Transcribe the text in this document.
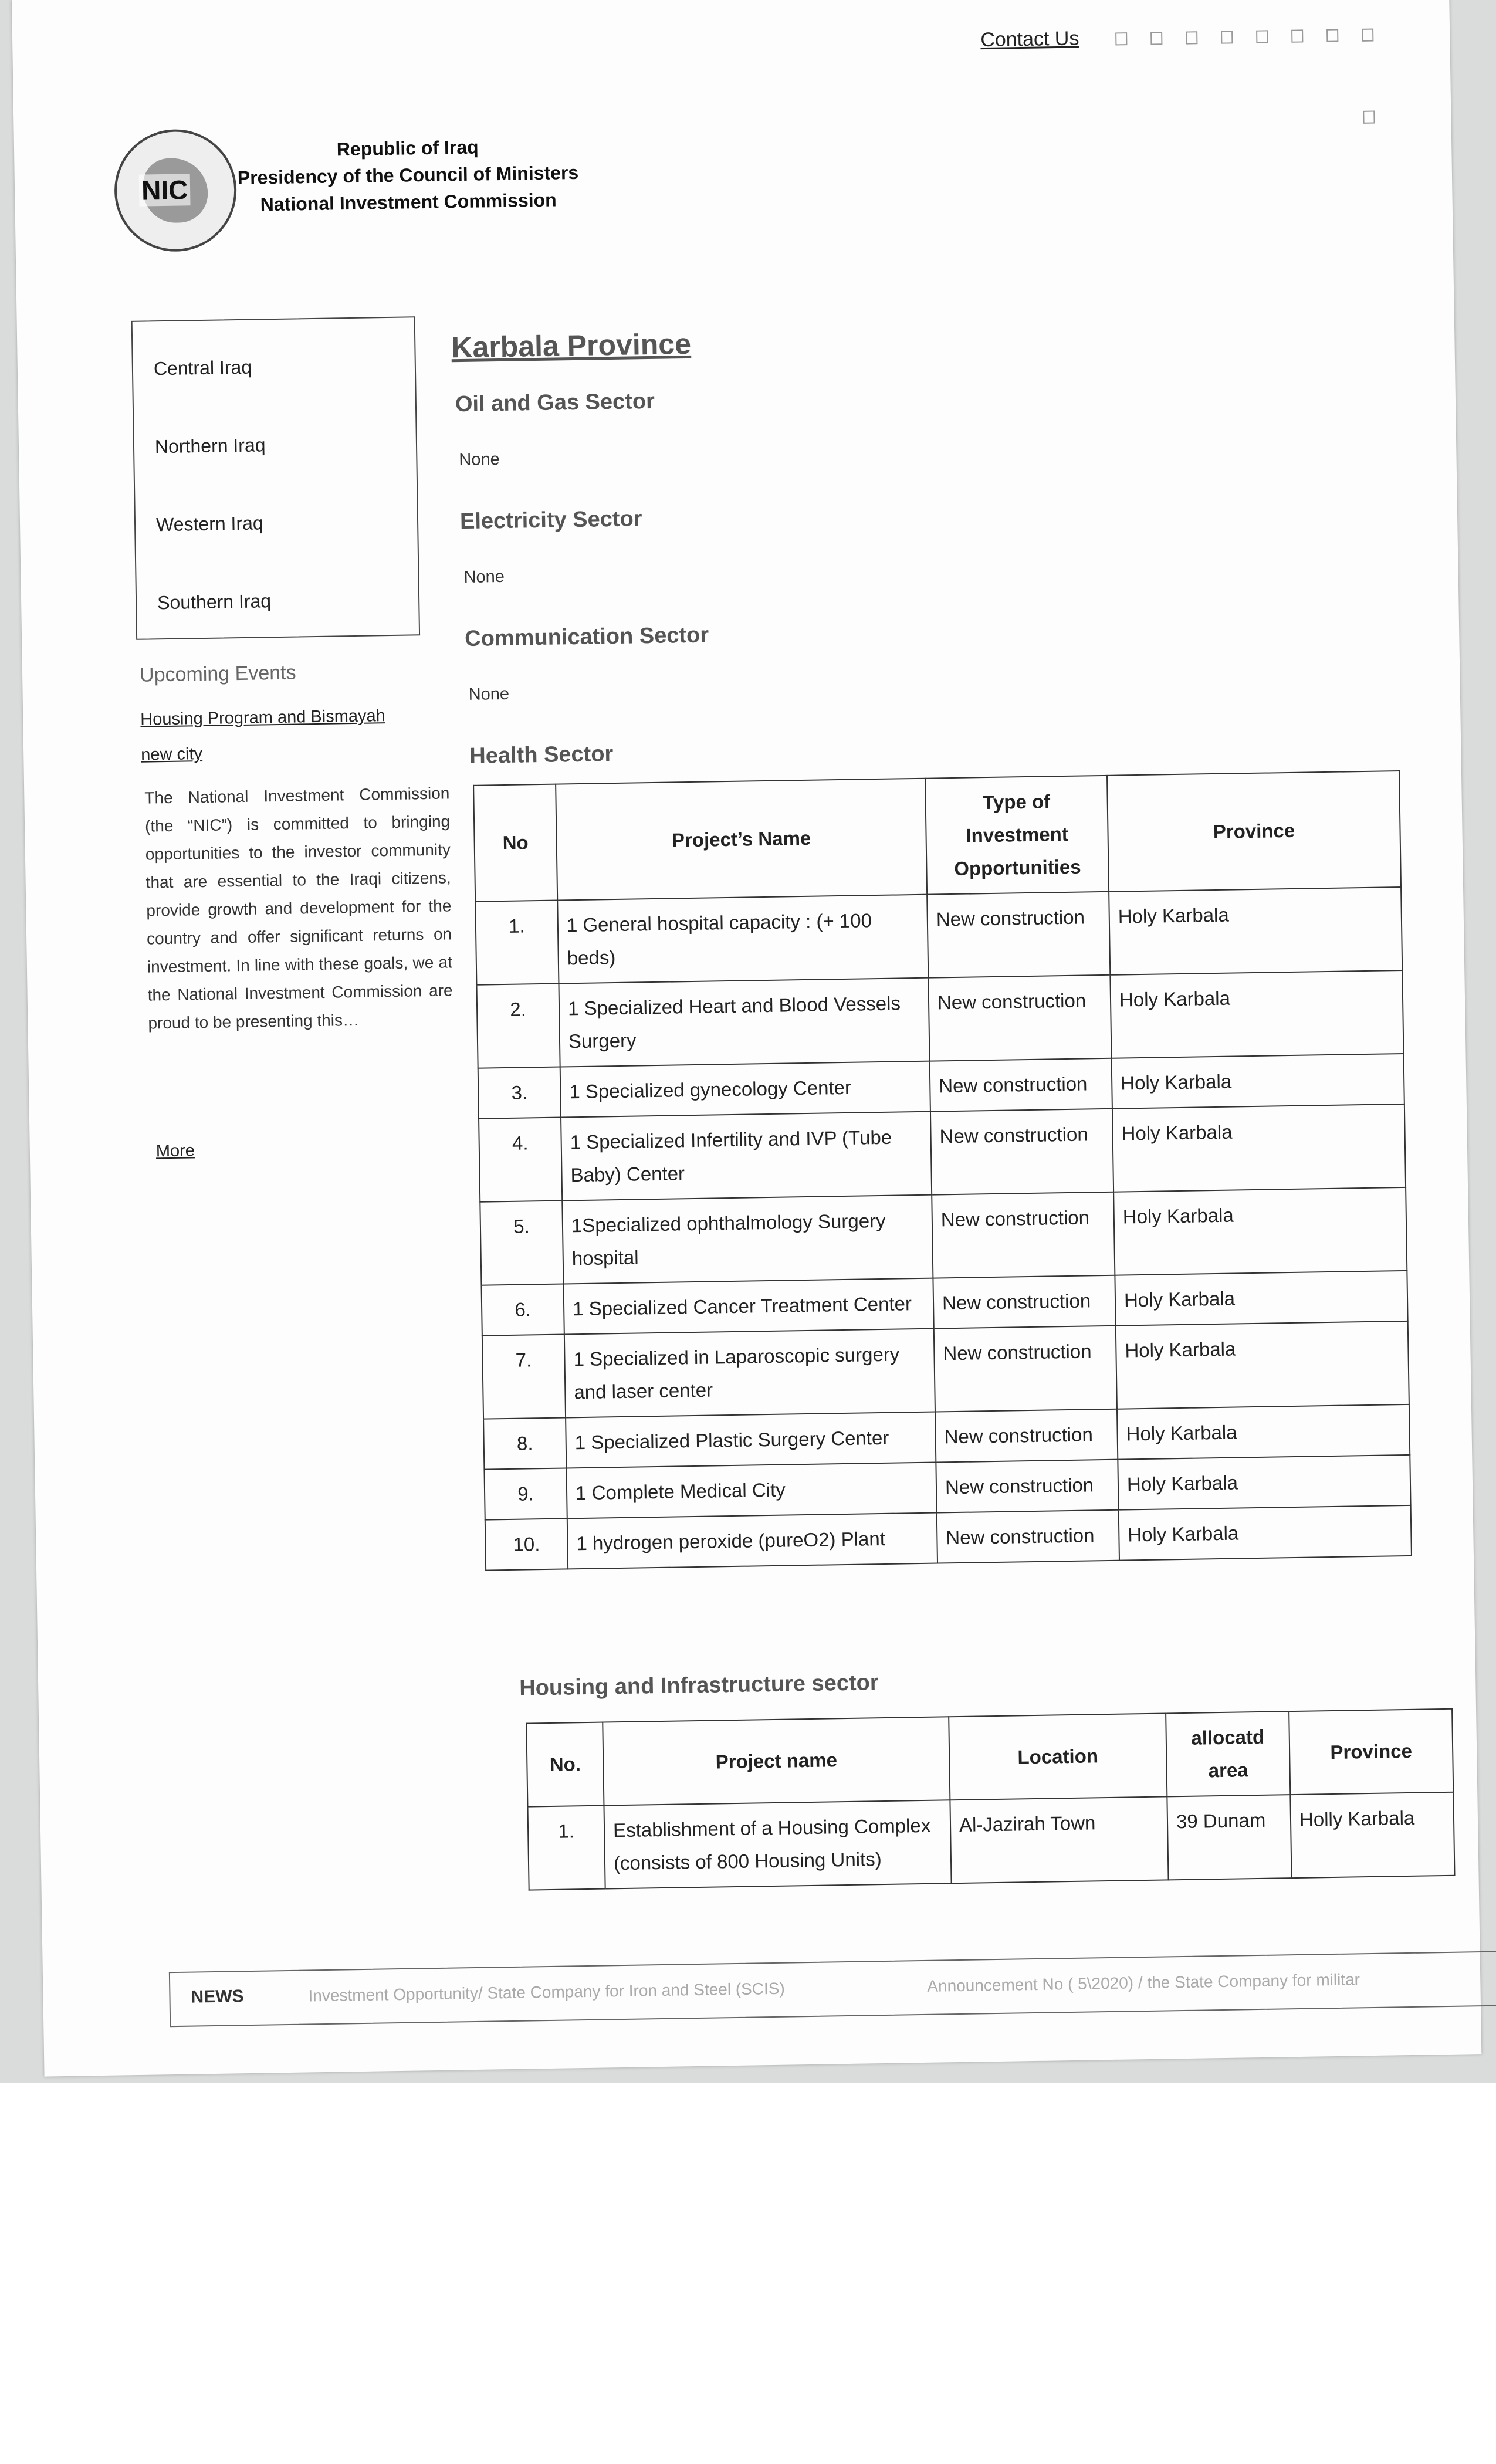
Contact Us
NIC
Republic of Iraq
Presidency of the Council of Ministers
National Investment Commission
Central Iraq
Northern Iraq
Western Iraq
Southern Iraq
Upcoming Events
Housing Program and Bismayah new city
The National Investment Commission (the “NIC”) is committed to bringing opportunities to the investor community that are essential to the Iraqi citizens, provide growth and development for the country and offer significant returns on investment. In line with these goals, we at the National Investment Commission are proud to be presenting this…
More
Karbala Province
Oil and Gas Sector
None
Electricity Sector
None
Communication Sector
None
Health Sector
No	Project’s Name	Type of Investment Opportunities	Province
1.	1 General hospital capacity : (+ 100 beds)	New construction	Holy Karbala
2.	1 Specialized Heart and Blood Vessels Surgery	New construction	Holy Karbala
3.	1 Specialized gynecology Center	New construction	Holy Karbala
4.	1 Specialized Infertility and IVP (Tube Baby) Center	New construction	Holy Karbala
5.	1Specialized ophthalmology Surgery hospital	New construction	Holy Karbala
6.	1 Specialized Cancer Treatment Center	New construction	Holy Karbala
7.	1 Specialized in Laparoscopic surgery and laser center	New construction	Holy Karbala
8.	1 Specialized Plastic Surgery Center	New construction	Holy Karbala
9.	1 Complete Medical City	New construction	Holy Karbala
10.	1 hydrogen peroxide (pureO2) Plant	New construction	Holy Karbala
Housing and Infrastructure sector
No.	Project name	Location	allocatd area	Province
1.	Establishment of a Housing Complex (consists of 800 Housing Units)	Al-Jazirah Town	39 Dunam	Holly Karbala
NEWS	Investment Opportunity/ State Company for Iron and Steel (SCIS)	Announcement No ( 5\2020) / the State Company for militar
